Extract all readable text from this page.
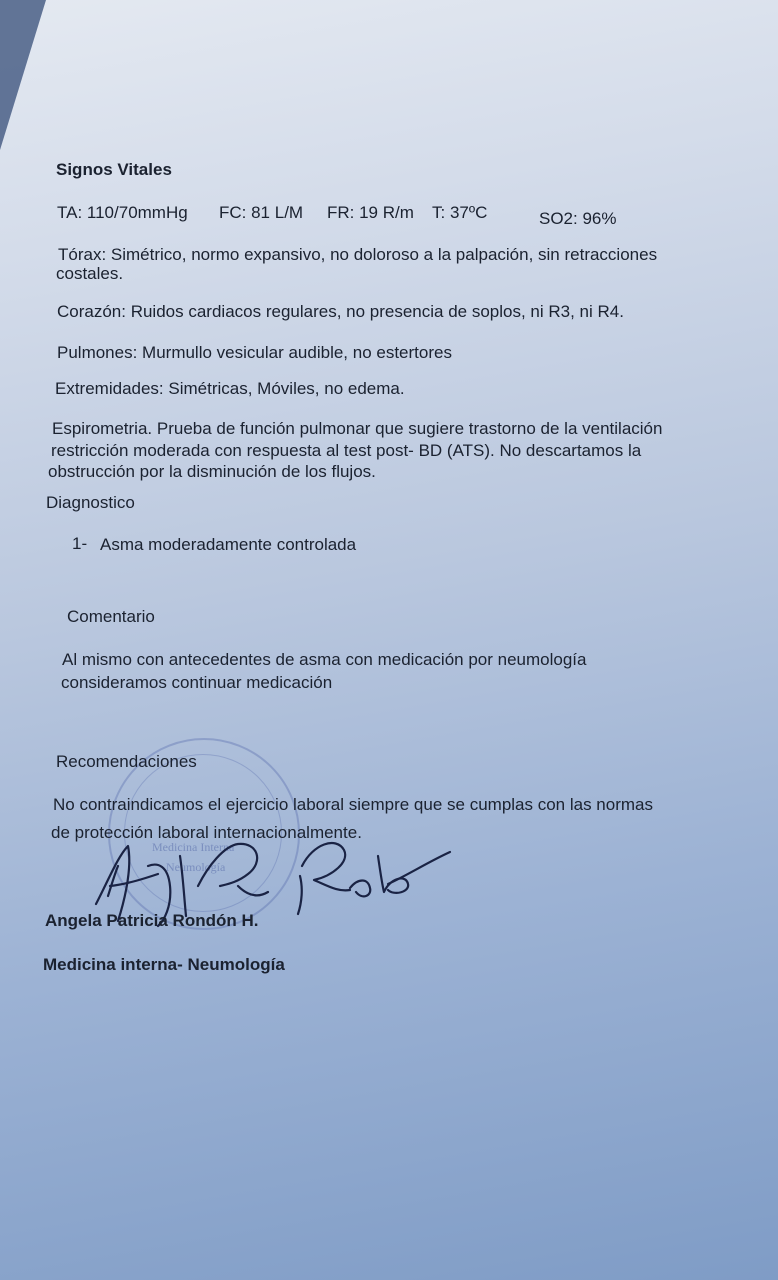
Signos Vitales
TA: 110/70mmHg FC: 81 L/M FR: 19 R/m T: 37ºC	SO2: 96%
Tórax: Simétrico, normo expansivo, no doloroso a la palpación, sin retracciones
costales.
Corazón: Ruidos cardiacos regulares, no presencia de soplos, ni R3, ni R4.
Pulmones: Murmullo vesicular audible, no estertores
Extremidades: Simétricas, Móviles, no edema.
Espirometria. Prueba de función pulmonar que sugiere trastorno de la ventilación
restricción moderada con respuesta al test post- BD (ATS). No descartamos la
obstrucción por la disminución de los flujos.
Diagnostico
1- Asma moderadamente controlada
Comentario
Al mismo con antecedentes de asma con medicación por neumología
consideramos continuar medicación
Medicina Interna
Neumología
Recomendaciones
No contraindicamos el ejercicio laboral siempre que se cumplas con las normas
de protección laboral internacionalmente.
Angela Patricia Rondón H.
Medicina interna- Neumología
